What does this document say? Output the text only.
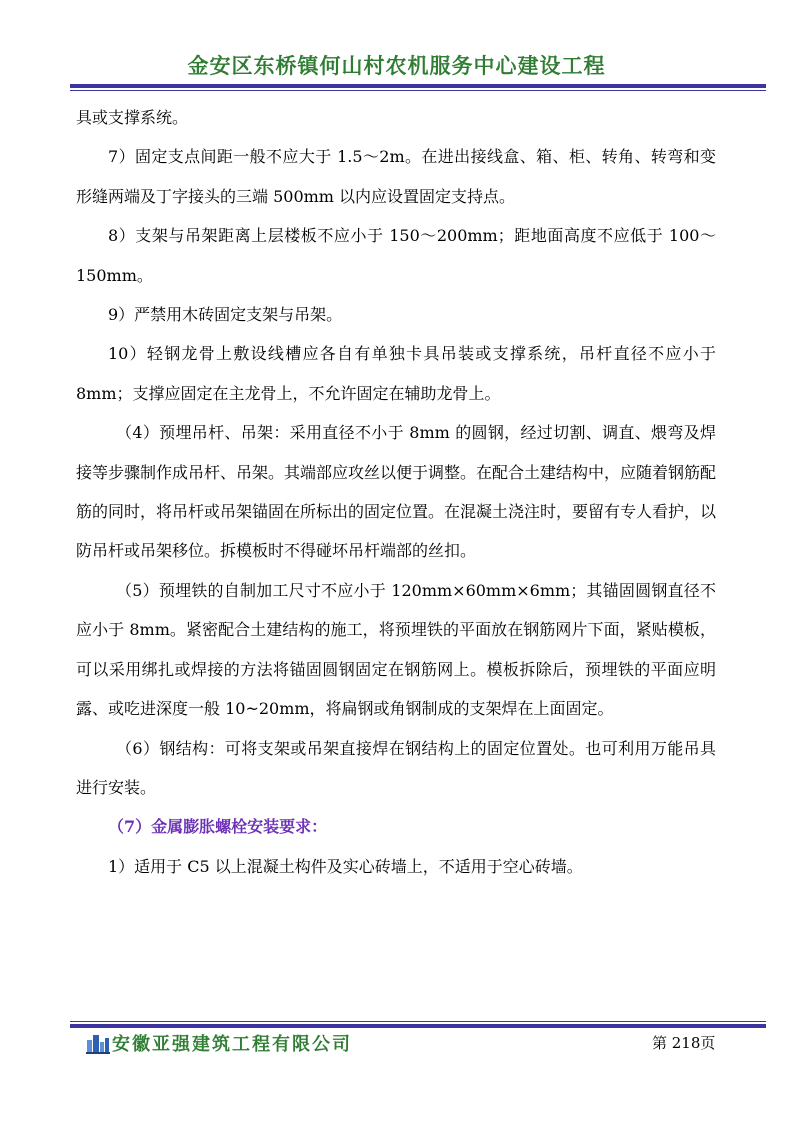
金安区东桥镇何山村农机服务中心建设工程

具或支撑系统。

7）固定支点间距一般不应大于 1.5～2m。在进出接线盒、箱、柜、转角、转弯和变形缝两端及丁字接头的三端 500mm 以内应设置固定支持点。

8）支架与吊架距离上层楼板不应小于 150～200mm；距地面高度不应低于 100～150mm。

9）严禁用木砖固定支架与吊架。

10）轻钢龙骨上敷设线槽应各自有单独卡具吊装或支撑系统，吊杆直径不应小于 8mm；支撑应固定在主龙骨上，不允许固定在辅助龙骨上。

（4）预埋吊杆、吊架：采用直径不小于 8mm 的圆钢，经过切割、调直、煨弯及焊接等步骤制作成吊杆、吊架。其端部应攻丝以便于调整。在配合土建结构中，应随着钢筋配筋的同时，将吊杆或吊架锚固在所标出的固定位置。在混凝土浇注时，要留有专人看护，以防吊杆或吊架移位。拆模板时不得碰坏吊杆端部的丝扣。

（5）预埋铁的自制加工尺寸不应小于 120mm×60mm×6mm；其锚固圆钢直径不应小于 8mm。紧密配合土建结构的施工，将预埋铁的平面放在钢筋网片下面，紧贴模板，可以采用绑扎或焊接的方法将锚固圆钢固定在钢筋网上。模板拆除后，预埋铁的平面应明露、或吃进深度一般 10~20mm，将扁钢或角钢制成的支架焊在上面固定。

（6）钢结构：可将支架或吊架直接焊在钢结构上的固定位置处。也可利用万能吊具进行安装。

（7）金属膨胀螺栓安装要求：

1）适用于 C5 以上混凝土构件及实心砖墙上，不适用于空心砖墙。

安徽亚强建筑工程有限公司	第 218页
